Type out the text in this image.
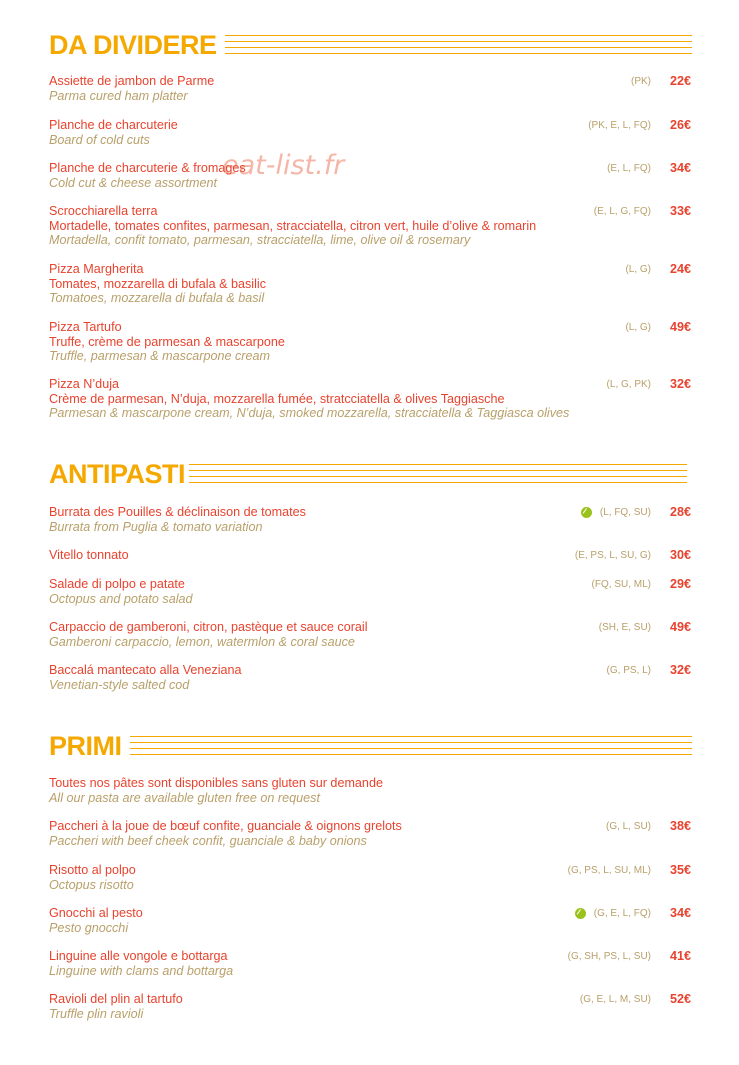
DA DIVIDERE
Assiette de jambon de Parme
Parma cured ham platter
(PK)	22€
Planche de charcuterie
Board of cold cuts
(PK, E, L, FQ)	26€
Planche de charcuterie & fromages
Cold cut & cheese assortment
(E, L, FQ)	34€
Scrocchiarella terra
Mortadelle, tomates confites, parmesan, stracciatella, citron vert, huile d’olive & romarin
Mortadella, confit tomato, parmesan, stracciatella, lime, olive oil & rosemary
(E, L, G, FQ)	33€
Pizza Margherita
Tomates, mozzarella di bufala & basilic
Tomatoes, mozzarella di bufala & basil
(L, G)	24€
Pizza Tartufo
Truffe, crème de parmesan & mascarpone
Truffle, parmesan & mascarpone cream
(L, G)	49€
Pizza N’duja
Crème de parmesan, N’duja, mozzarella fumée, stratcciatella & olives Taggiasche
Parmesan & mascarpone cream, N’duja, smoked mozzarella, stracciatella & Taggiasca olives
(L, G, PK)	32€
ANTIPASTI
Burrata des Pouilles & déclinaison de tomates
Burrata from Puglia & tomato variation
(L, FQ, SU)	28€
Vitello tonnato	(E, PS, L, SU, G)	30€
Salade di polpo e patate
Octopus and potato salad
(FQ, SU, ML)	29€
Carpaccio de gamberoni, citron, pastèque et sauce corail
Gamberoni carpaccio, lemon, watermlon & coral sauce
(SH, E, SU)	49€
Baccalá mantecato alla Veneziana
Venetian-style salted cod
(G, PS, L)	32€
PRIMI
Toutes nos pâtes sont disponibles sans gluten sur demande
All our pasta are available gluten free on request
Paccheri à la joue de bœuf confite, guanciale & oignons grelots
Paccheri with beef cheek confit, guanciale & baby onions
(G, L, SU)	38€
Risotto al polpo
Octopus risotto
(G, PS, L, SU, ML)	35€
Gnocchi al pesto
Pesto gnocchi
(G, E, L, FQ)	34€
Linguine alle vongole e bottarga
Linguine with clams and bottarga
(G, SH, PS, L, SU)	41€
Ravioli del plin al tartufo
Truffle plin ravioli
(G, E, L, M, SU)	52€
eat-list.fr
